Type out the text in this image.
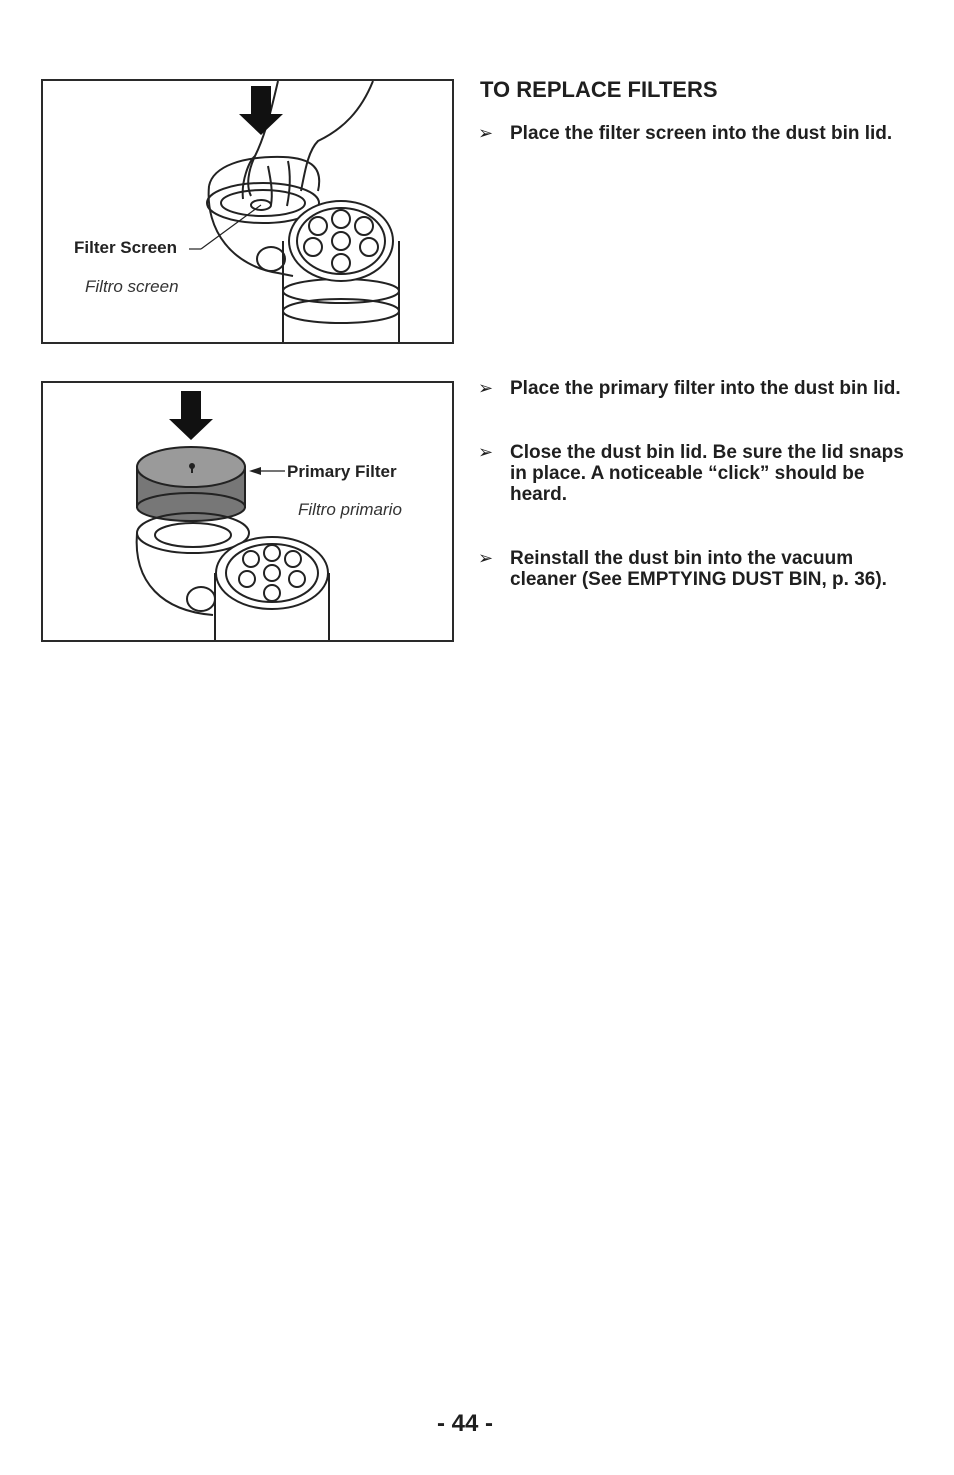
Filter Screen
Filtro screen
Primary Filter
Filtro primario
TO REPLACE FILTERS
➢ Place the filter screen into the dust bin lid.
➢ Place the primary filter into the dust bin lid.
➢ Close the dust bin lid. Be sure the lid snaps in place. A noticeable “click” should be heard.
➢ Reinstall the dust bin into the vacuum cleaner (See EMPTYING DUST BIN, p. 36).
- 44 -
